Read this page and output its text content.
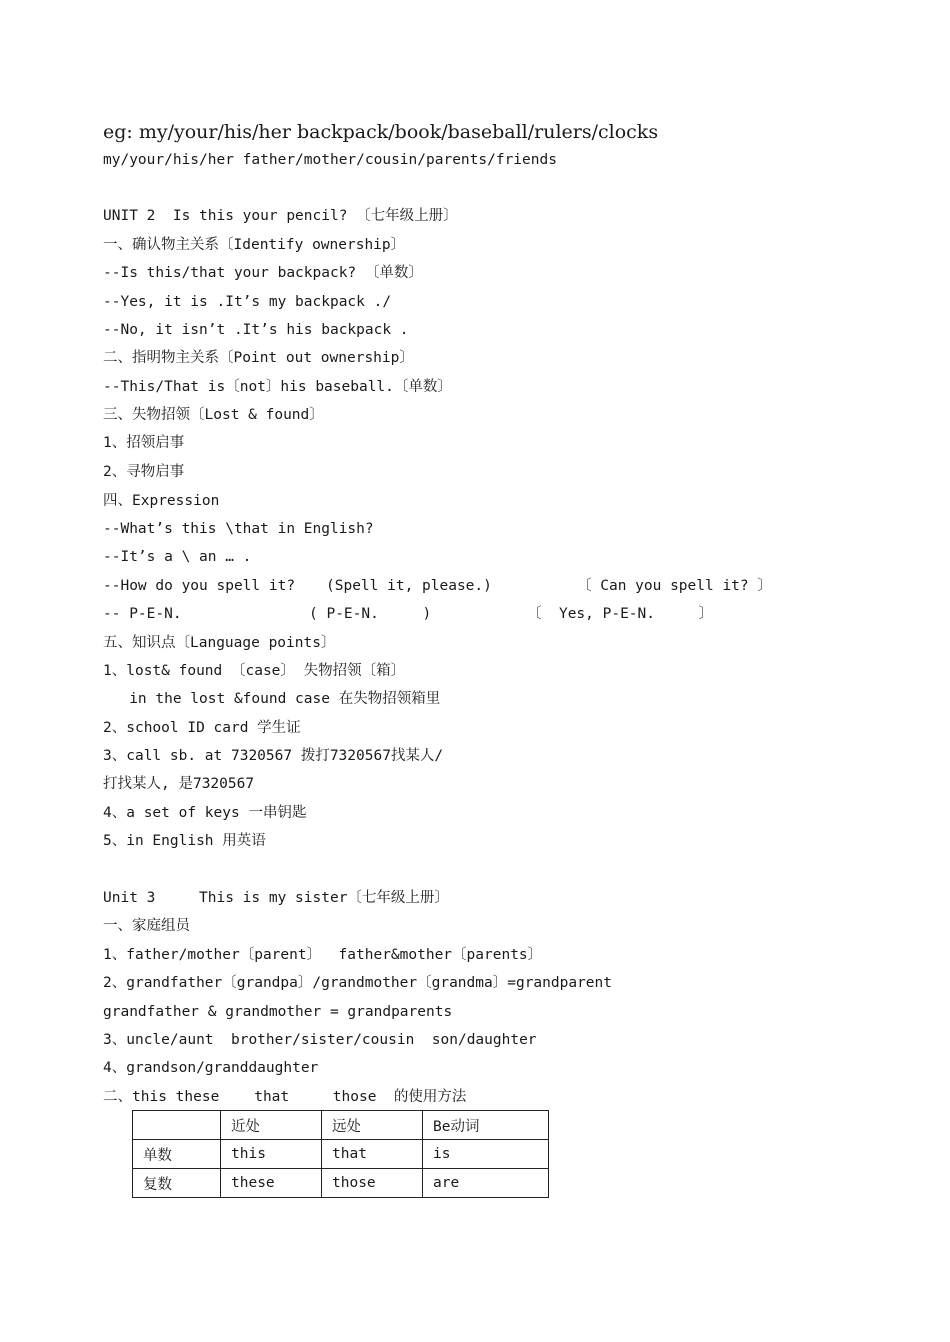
eg: my/your/his/her backpack/book/baseball/rulers/clocks
my/your/his/her father/mother/cousin/parents/friends
UNIT 2  Is this your pencil? 〔七年级上册〕
一、确认物主关系〔Identify ownership〕
--Is this/that your backpack? 〔单数〕
--Yes, it is .It’s my backpack ./
--No, it isn’t .It’s his backpack .
二、指明物主关系〔Point out ownership〕
--This/That is〔not〕his baseball.〔单数〕
三、失物招领〔Lost & found〕
1、招领启事
2、寻物启事
四、Expression
--What’s this \that in English?
--It’s a \ an … .
--How do you spell it? (Spell it, please.)	〔 Can you spell it? 〕
-- P-E-N.	( P-E-N.     )	〔  Yes, P-E-N.     〕
五、知识点〔Language points〕
1、lost& found 〔case〕 失物招领〔箱〕
in the lost &found case 在失物招领箱里
2、school ID card 学生证
3、call sb. at 7320567 拨打7320567找某人/
打找某人, 是7320567
4、a set of keys 一串钥匙
5、in English 用英语
Unit 3     This is my sister〔七年级上册〕
一、家庭组员
1、father/mother〔parent〕  father&mother〔parents〕
2、grandfather〔grandpa〕/grandmother〔grandma〕=grandparent
grandfather & grandmother = grandparents
3、uncle/aunt  brother/sister/cousin  son/daughter
4、grandson/granddaughter
二、this these    that     those  的使用方法
	近处	远处	Be动词
单数	this	that	is
复数	these	those	are
